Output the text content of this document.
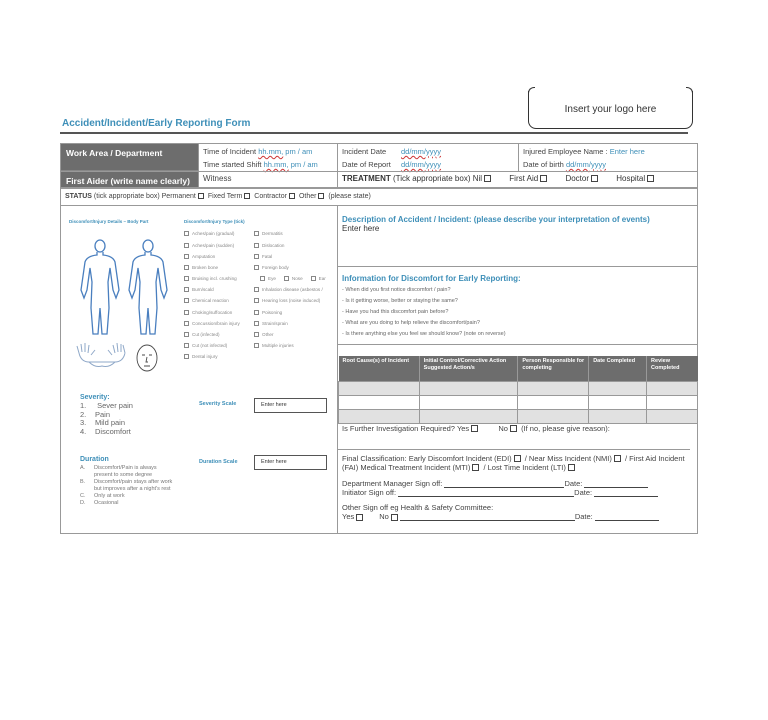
Insert your logo here
Accident/Incident/Early Reporting Form
Work Area / Department	Time of Incident
hh.mm,
pm / am
Time started Shift
hh.mm,
pm / am
Incident Date	dd/mm/yyyy
Date of Report	dd/mm/yyyy
Injured Employee Name :
Enter here
Date of birth
dd/mm/yyyy
First Aider (write name clearly)	Witness	TREATMENT (Tick appropriate box) Nil	First Aid	Doctor	Hospital
STATUS (tick appropriate box) Permanent Fixed Term Contractor Other (please state)
Discomfort/Injury Details – Body Part	Discomfort/Injury Type (tick)
Aches/pain (gradual)	Dermatitis
Aches/pain (sudden)	Dislocation
Amputation	Fatal
Broken bone	Foreign body
Bruising incl. crushing	Eye	Nose	Ear
Burn/scald	Inhalation disease (asbestos /
Chemical reaction	Hearing loss (noise induced)
Choking/suffocation	Poisoning
Concussion/brain injury	Strain/sprain
Cut (infected)	Other
Cut (not infected)	Multiple injuries
Dental injury
Severity:
1. Sever pain
2. Pain
3. Mild pain
4. Discomfort
Severity Scale	Enter here
Duration
A.	Discomfort/Pain is always present to some degree
B.	Discomfort/pain stays after work but improves after a night's rest
C.	Only at work
D.	Ocasional
Duration Scale	Enter here
Description of Accident / Incident: (please describe your interpretation of events)
Enter here
Information for Discomfort for Early Reporting:
- When did you first notice discomfort / pain?
- Is it getting worse, better or staying the same?
- Have you had this discomfort pain before?
- What are you doing to help relieve the discomfort/pain?
- Is there anything else you feel we should know? (note on reverse)
Root Cause(s) of Incident	Initial Control/Corrective Action Suggested Action/s	Person Responsible for completing	Date Completed	Review Completed

Is Further Investigation Required? Yes	No (If no, please give reason):
Final Classification: Early Discomfort Incident (EDI) / Near Miss Incident (NMI) / First Aid Incident (FAI) Medical Treatment Incident (MTI) / Lost Time Incident (LTI)
Department Manager Sign off:
	Date:

Initiator Sign off:
	Date:

Other Sign off eg Health & Safety Committee:
Yes	No	Date:
